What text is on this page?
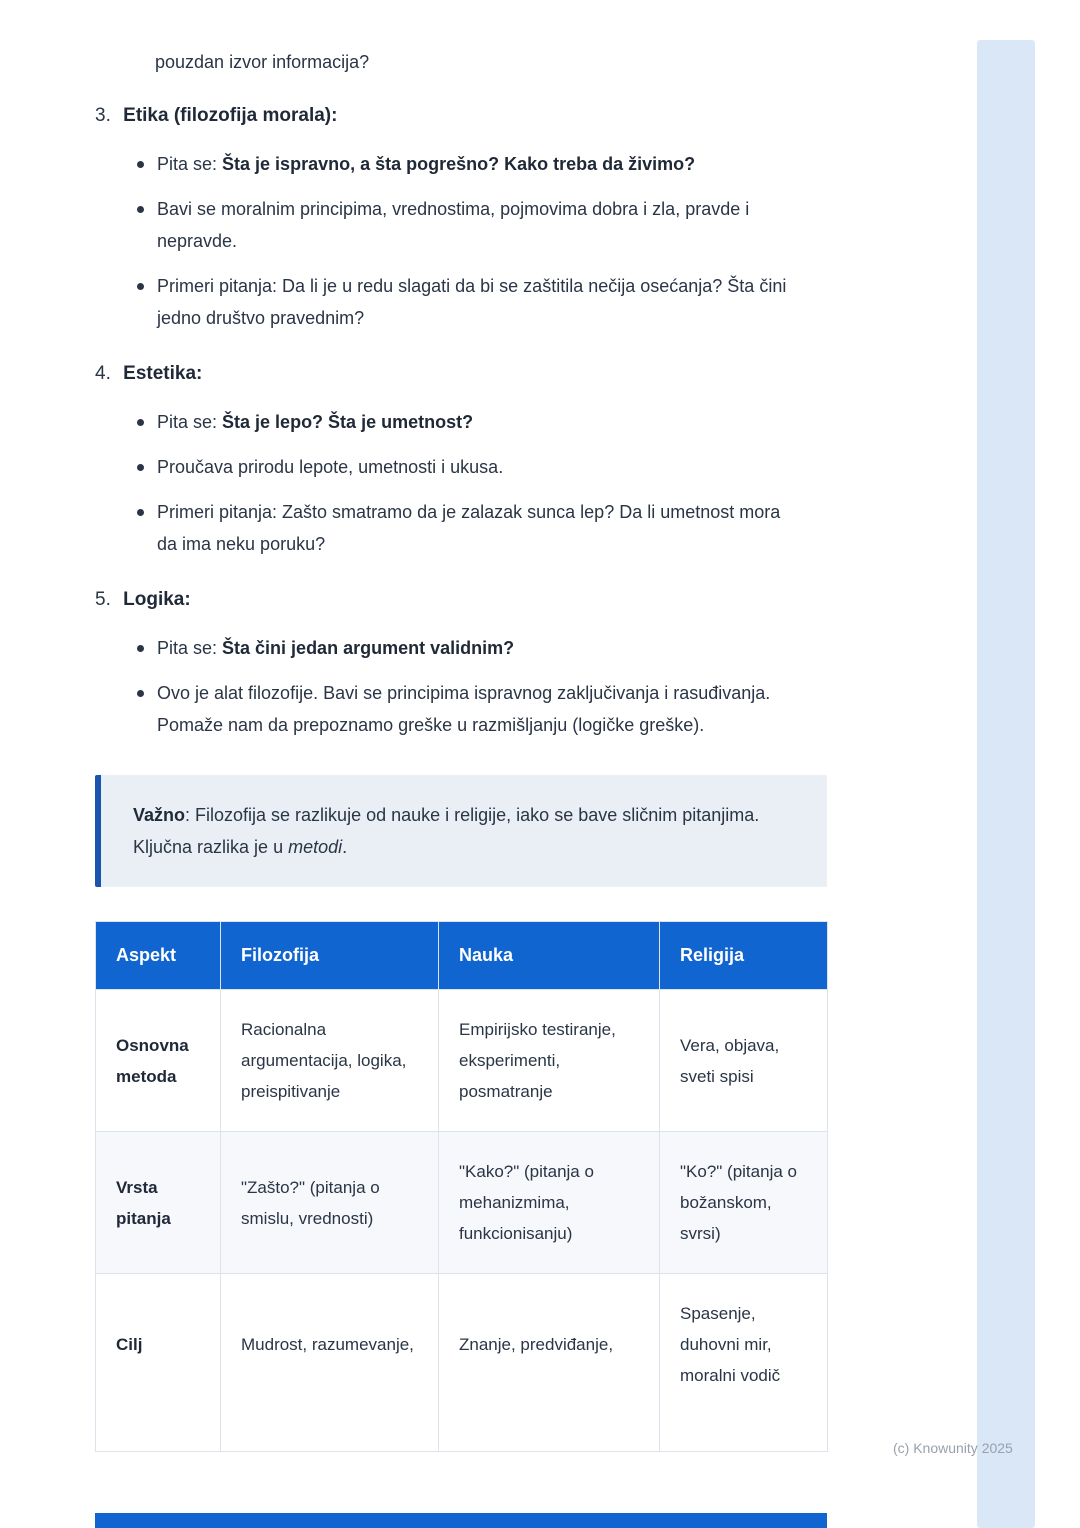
pouzdan izvor informacija?

3. Etika (filozofija morala):
Pita se: Šta je ispravno, a šta pogrešno? Kako treba da živimo?
Bavi se moralnim principima, vrednostima, pojmovima dobra i zla, pravde i nepravde.
Primeri pitanja: Da li je u redu slagati da bi se zaštitila nečija osećanja? Šta čini jedno društvo pravednim?
4. Estetika:
Pita se: Šta je lepo? Šta je umetnost?
Proučava prirodu lepote, umetnosti i ukusa.
Primeri pitanja: Zašto smatramo da je zalazak sunca lep? Da li umetnost mora da ima neku poruku?
5. Logika:
Pita se: Šta čini jedan argument validnim?
Ovo je alat filozofije. Bavi se principima ispravnog zaključivanja i rasuđivanja. Pomaže nam da prepoznamo greške u razmišljanju (logičke greške).
Važno: Filozofija se razlikuje od nauke i religije, iako se bave sličnim pitanjima. Ključna razlika je u metodi.
Aspekt	Filozofija	Nauka	Religija
Osnovna metoda	Racionalna argumentacija, logika, preispitivanje	Empirijsko testiranje, eksperimenti, posmatranje	Vera, objava, sveti spisi
Vrsta pitanja	"Zašto?" (pitanja o smislu, vrednosti)	"Kako?" (pitanja o mehanizmima, funkcionisanju)	"Ko?" (pitanja o božanskom, svrsi)
Cilj	Mudrost, razumevanje,	Znanje, predviđanje,	Spasenje, duhovni mir, moralni vodič
(c) Knowunity 2025
